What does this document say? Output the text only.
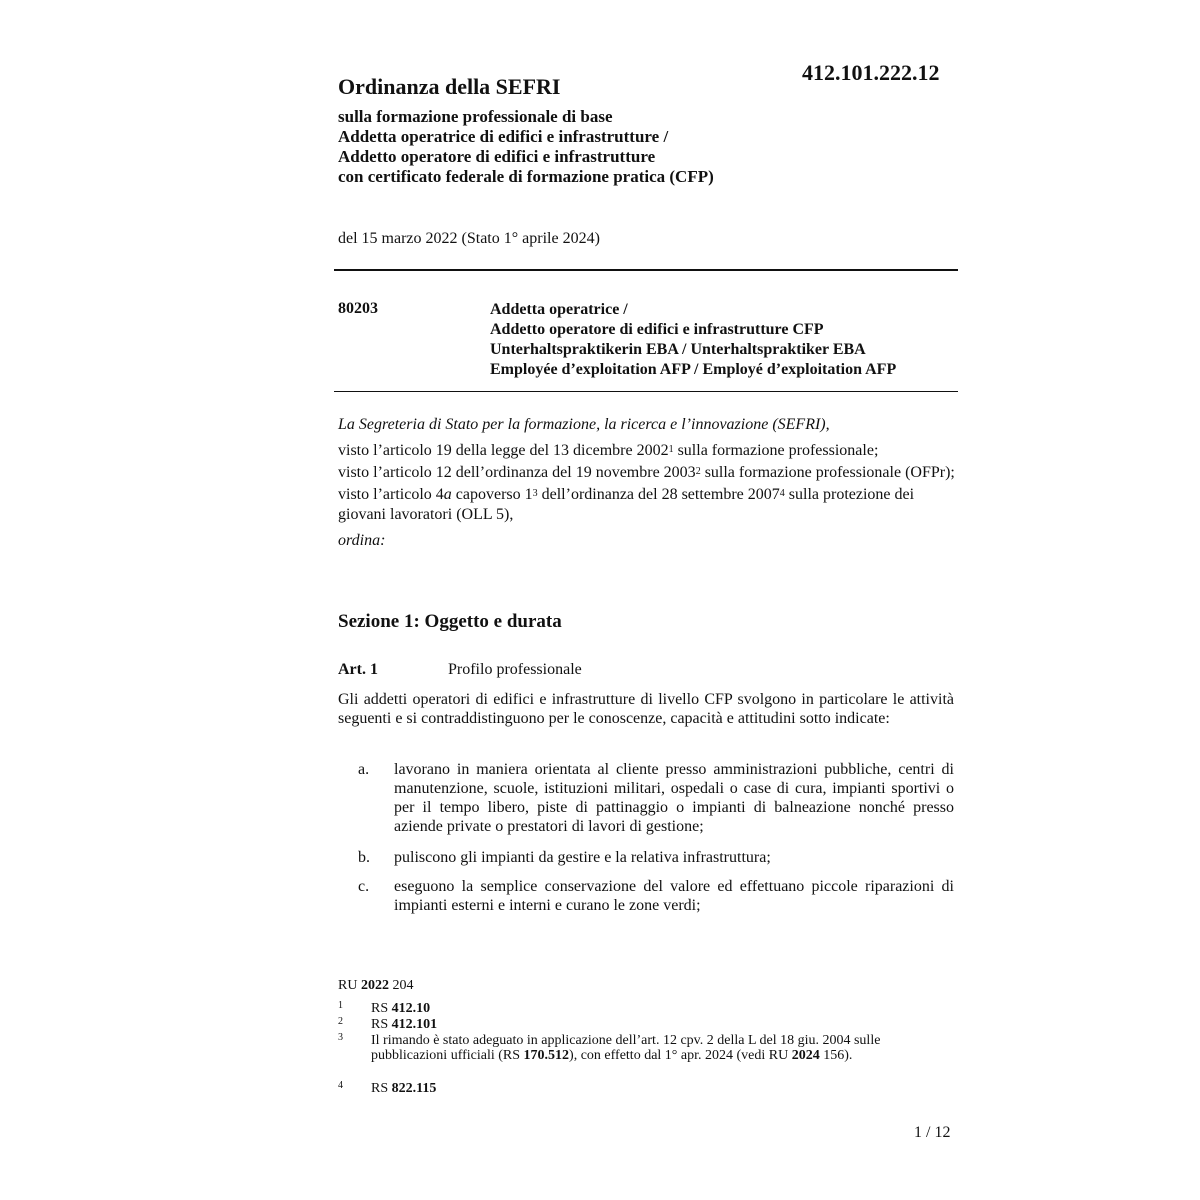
412.101.222.12
Ordinanza della SEFRI
sulla formazione professionale di base
Addetta operatrice di edifici e infrastrutture /
Addetto operatore di edifici e infrastrutture
con certificato federale di formazione pratica (CFP)
del 15 marzo 2022 (Stato 1° aprile 2024)
80203	Addetta operatrice /
Addetto operatore di edifici e infrastrutture CFP
Unterhaltspraktikerin EBA / Unterhaltspraktiker EBA
Employée d’exploitation AFP / Employé d’exploitation AFP
La Segreteria di Stato per la formazione, la ricerca e l’innovazione (SEFRI),
visto l’articolo 19 della legge del 13 dicembre 2002$^1$ sulla formazione professionale;
visto l’articolo 12 dell’ordinanza del 19 novembre 2003$^2$ sulla formazione professionale (OFPr);
visto l’articolo 4a capoverso $1^3$ dell’ordinanza del 28 settembre 2007$^4$ sulla protezione dei giovani lavoratori (OLL 5),
ordina:
Sezione 1: Oggetto e durata
Art. 1	Profilo professionale
Gli addetti operatori di edifici e infrastrutture di livello CFP svolgono in particolare le attività seguenti e si contraddistinguono per le conoscenze, capacità e attitudini sotto indicate:
a. lavorano in maniera orientata al cliente presso amministrazioni pubbliche, centri di manutenzione, scuole, istituzioni militari, ospedali o case di cura, impianti sportivi o per il tempo libero, piste di pattinaggio o impianti di balneazione nonché presso aziende private o prestatori di lavori di gestione;
b. puliscono gli impianti da gestire e la relativa infrastruttura;
c. eseguono la semplice conservazione del valore ed effettuano piccole riparazioni di impianti esterni e interni e curano le zone verdi;
RU 2022 204
1 RS 412.10
2 RS 412.101
3 Il rimando è stato adeguato in applicazione dell’art. 12 cpv. 2 della L del 18 giu. 2004 sulle pubblicazioni ufficiali (RS 170.512), con effetto dal 1° apr. 2024 (vedi RU 2024 156).
4 RS 822.115
1 / 12
